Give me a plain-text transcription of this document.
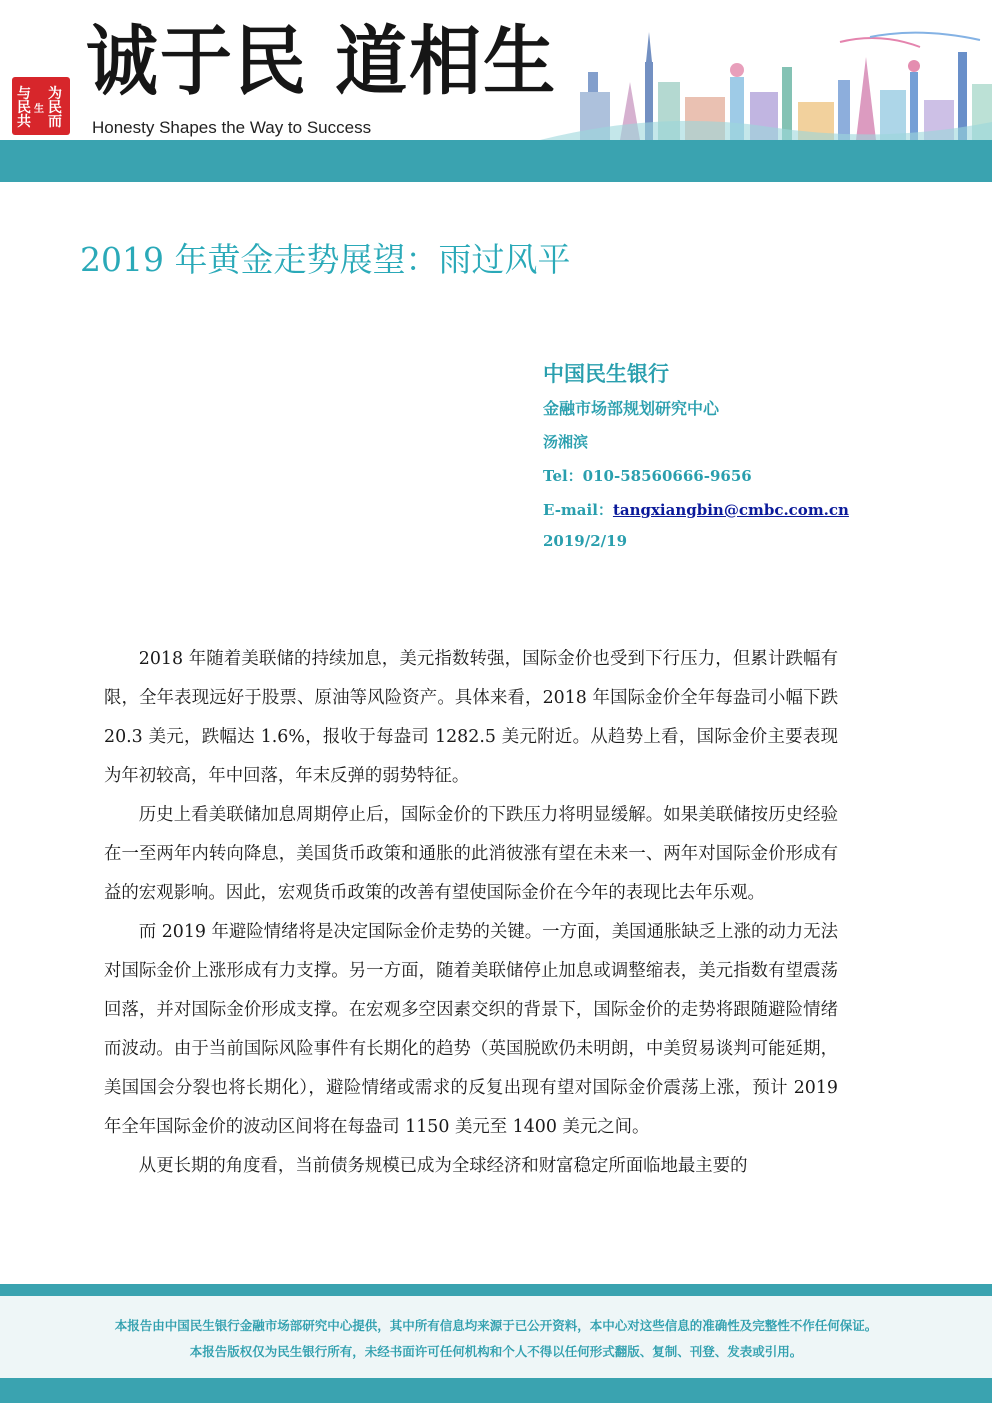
与
民
共
生
为
民
而
诚于民 道相生
Honesty Shapes the Way to Success
2019 年黄金走势展望：雨过风平
中国民生银行
金融市场部规划研究中心
汤湘滨
Tel：010-58560666-9656
E-mail：tangxiangbin@cmbc.com.cn
2019/2/19

2018 年随着美联储的持续加息，美元指数转强，国际金价也受到下行压力，但累计跌幅有限，全年表现远好于股票、原油等风险资产。具体来看，2018 年国际金价全年每盎司小幅下跌 20.3 美元，跌幅达 1.6%，报收于每盎司 1282.5 美元附近。从趋势上看，国际金价主要表现为年初较高，年中回落，年末反弹的弱势特征。

历史上看美联储加息周期停止后，国际金价的下跌压力将明显缓解。如果美联储按历史经验在一至两年内转向降息，美国货币政策和通胀的此消彼涨有望在未来一、两年对国际金价形成有益的宏观影响。因此，宏观货币政策的改善有望使国际金价在今年的表现比去年乐观。

而 2019 年避险情绪将是决定国际金价走势的关键。一方面，美国通胀缺乏上涨的动力无法对国际金价上涨形成有力支撑。另一方面，随着美联储停止加息或调整缩表，美元指数有望震荡回落，并对国际金价形成支撑。在宏观多空因素交织的背景下，国际金价的走势将跟随避险情绪而波动。由于当前国际风险事件有长期化的趋势（英国脱欧仍未明朗，中美贸易谈判可能延期，美国国会分裂也将长期化），避险情绪或需求的反复出现有望对国际金价震荡上涨，预计 2019 年全年国际金价的波动区间将在每盎司 1150 美元至 1400 美元之间。

从更长期的角度看，当前债务规模已成为全球经济和财富稳定所面临地最主要的

本报告由中国民生银行金融市场部研究中心提供，其中所有信息均来源于已公开资料，本中心对这些信息的准确性及完整性不作任何保证。
本报告版权仅为民生银行所有，未经书面许可任何机构和个人不得以任何形式翻版、复制、刊登、发表或引用。
